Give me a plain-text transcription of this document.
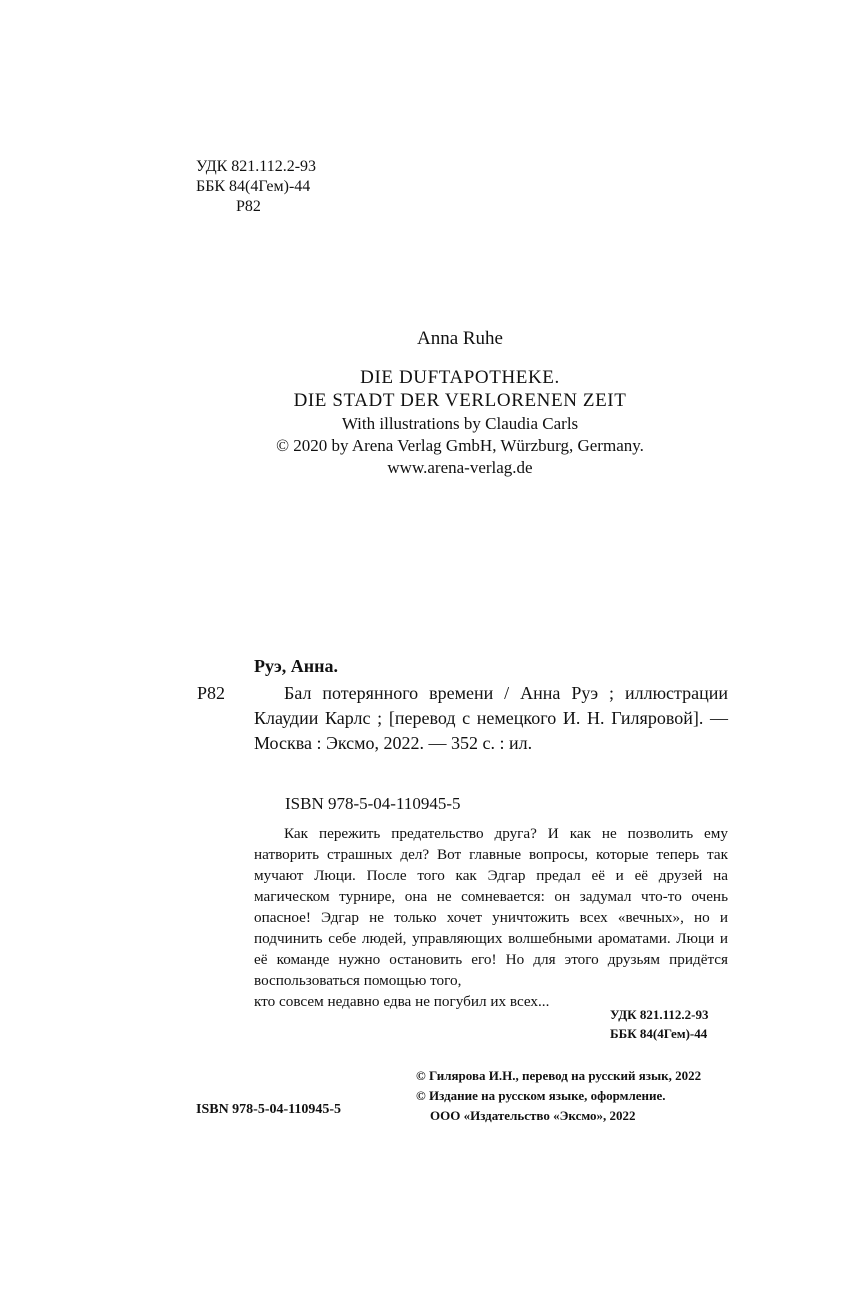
УДК 821.112.2-93
ББК 84(4Гем)-44
Р82
Anna Ruhe
DIE DUFTAPOTHEKE.
DIE STADT DER VERLORENEN ZEIT
With illustrations by Claudia Carls
© 2020 by Arena Verlag GmbH, Würzburg, Germany.
www.arena-verlag.de
Руэ, Анна.
Р82	Бал потерянного времени / Анна Руэ ; иллюстрации Клаудии Карлс ; [перевод с немецкого И. Н. Гиляровой]. — Москва : Эксмо, 2022. — 352 с. : ил.
ISBN 978-5-04-110945-5

Как пережить предательство друга? И как не позволить ему натворить страшных дел? Вот главные вопросы, которые теперь так мучают Люци. После того как Эдгар предал её и её друзей на магическом турнире, она не сомневается: он задумал что-то очень опасное! Эдгар не только хочет уничтожить всех «вечных», но и подчинить себе людей, управляющих волшебными ароматами. Люци и её команде нужно остановить его! Но для этого друзьям придётся воспользоваться помощью того,

кто совсем недавно едва не погубил их всех...
УДК 821.112.2-93
ББК 84(4Гем)-44
© Гилярова И.Н., перевод на русский язык, 2022
© Издание на русском языке, оформление.
ООО «Издательство «Эксмо», 2022
ISBN 978-5-04-110945-5
